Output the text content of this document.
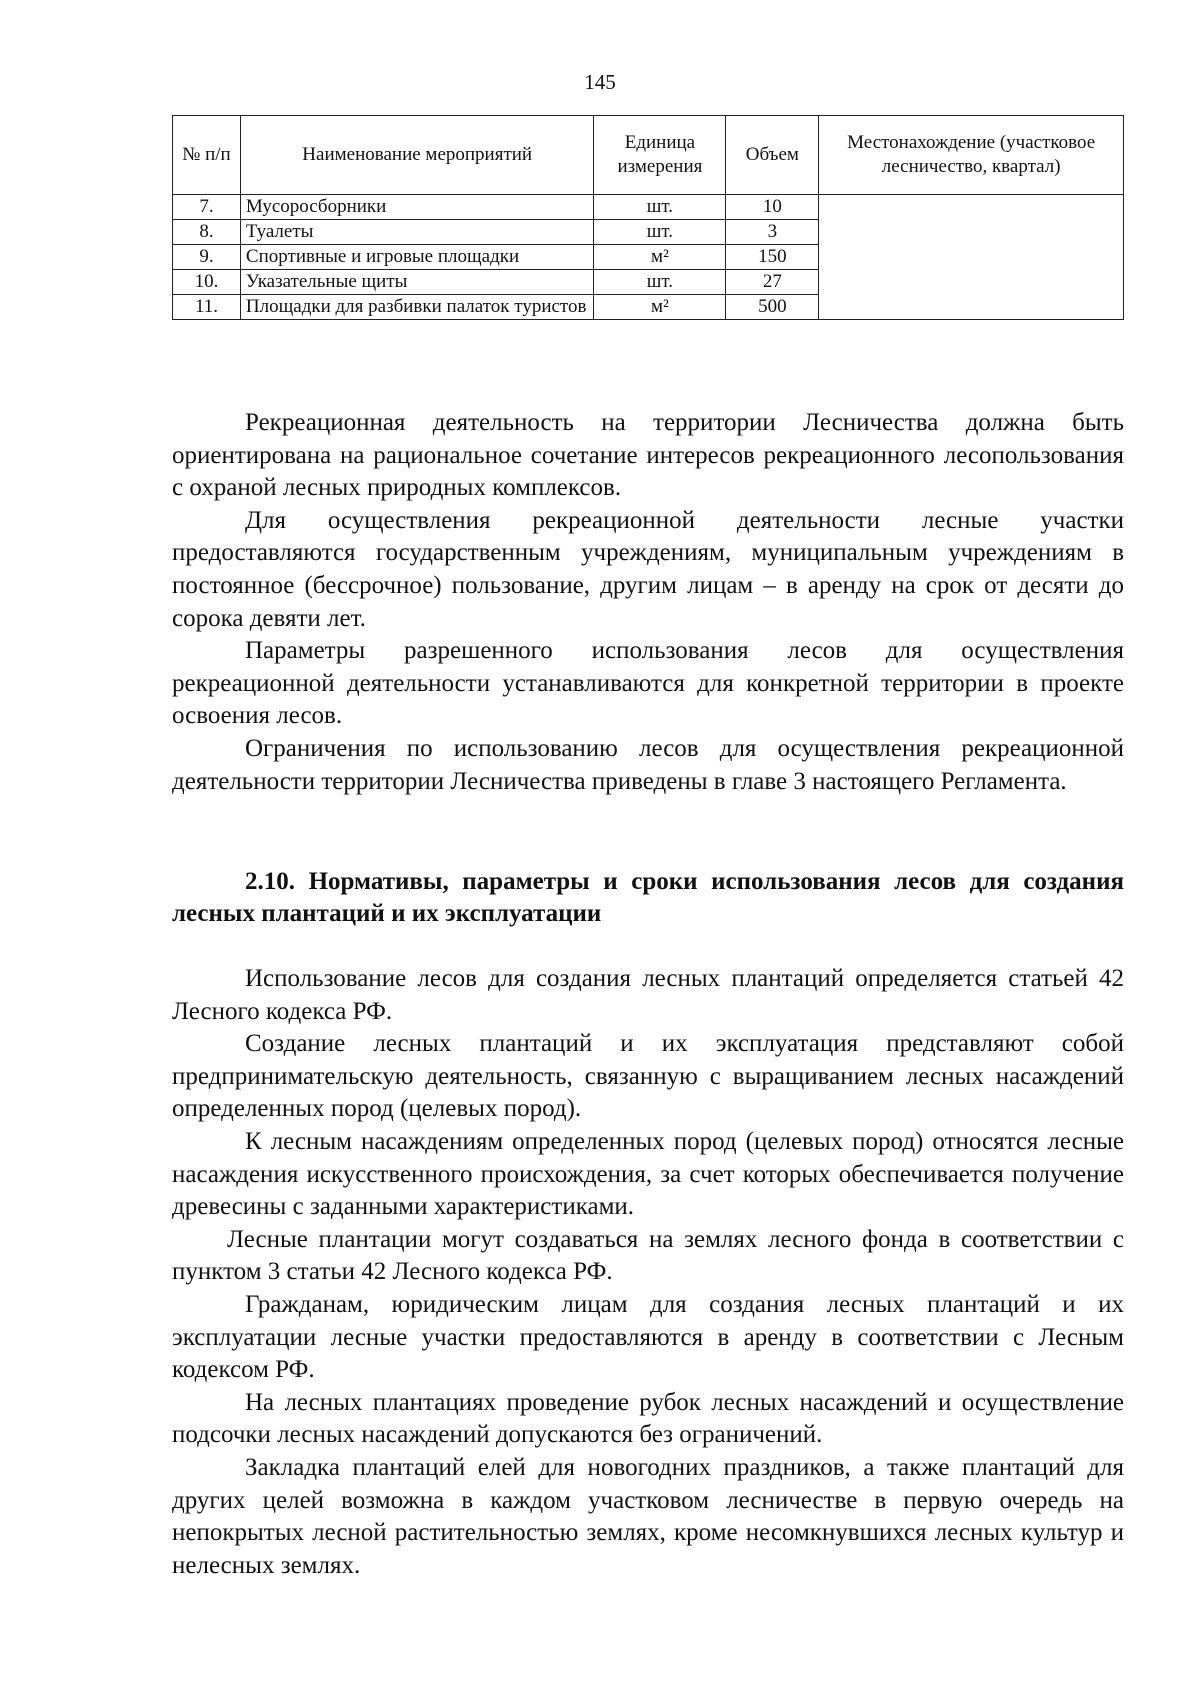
145
№ п/п	Наименование мероприятий	Единица измерения	Объем	Местонахождение (участковое лесничество, квартал)
7.	Мусоросборники	шт.	10	
8.	Туалеты	шт.	3	
9.	Спортивные и игровые площадки	м²	150	
10.	Указательные щиты	шт.	27	
11.	Площадки для разбивки палаток туристов	м²	500	

Рекреационная деятельность на территории Лесничества должна быть ориентирована на рациональное сочетание интересов рекреационного лесопользования с охраной лесных природных комплексов.

Для осуществления рекреационной деятельности лесные участки предоставляются государственным учреждениям, муниципальным учреждениям в постоянное (бессрочное) пользование, другим лицам – в аренду на срок от десяти до сорока девяти лет.

Параметры разрешенного использования лесов для осуществления рекреационной деятельности устанавливаются для конкретной территории в проекте освоения лесов.

Ограничения по использованию лесов для осуществления рекреационной деятельности территории Лесничества приведены в главе 3 настоящего Регламента.

2.10. Нормативы, параметры и сроки использования лесов для создания лесных плантаций и их эксплуатации

Использование лесов для создания лесных плантаций определяется статьей 42 Лесного кодекса РФ.

Создание лесных плантаций и их эксплуатация представляют собой предпринимательскую деятельность, связанную с выращиванием лесных насаждений определенных пород (целевых пород).

К лесным насаждениям определенных пород (целевых пород) относятся лесные насаждения искусственного происхождения, за счет которых обеспечивается получение древесины с заданными характеристиками.

Лесные плантации могут создаваться на землях лесного фонда в соответствии с пунктом 3 статьи 42 Лесного кодекса РФ.

Гражданам, юридическим лицам для создания лесных плантаций и их эксплуатации лесные участки предоставляются в аренду в соответствии с Лесным кодексом РФ.

На лесных плантациях проведение рубок лесных насаждений и осуществление подсочки лесных насаждений допускаются без ограничений.

Закладка плантаций елей для новогодних праздников, а также плантаций для других целей возможна в каждом участковом лесничестве в первую очередь на непокрытых лесной растительностью землях, кроме несомкнувшихся лесных культур и нелесных землях.
